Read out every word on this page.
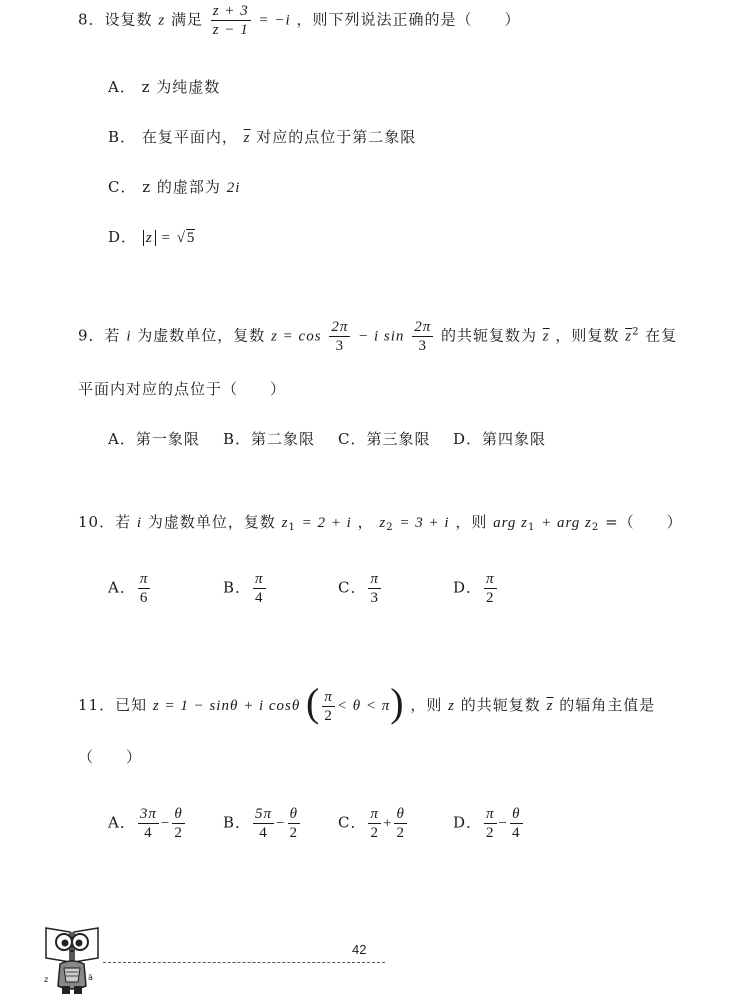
8．设复数 z 满足 $\frac{z + 3}{z - 1} = -i$ ，则下列说法正确的是（　　）
A． z 为纯虚数
B． 在复平面内， $\overline{z}$ 对应的点位于第二象限
C． z 的虚部为 2i
D． z = √5
9．若 i 为虚数单位，复数 $z = \cos \frac{2\pi}{3} - i$ $\sin \frac{2\pi}{3}$ 的共轭复数为 $\overline{z}$ ，则复数 $\overline{z}^2$ 在复
平面内对应的点位于（　　）
A．第一象限 B．第二象限 C．第三象限 D．第四象限
10．若 i 为虚数单位，复数 $z_1 = 2 + i$ ， $z_2 = 3 + i$ ，则 arg $z_1$ + arg $z_2$ =（　　）
A． $\frac{\pi}{6}$	B． $\frac{\pi}{4}$	C． $\frac{\pi}{3}$	D． $\frac{\pi}{2}$
11．已知 z = 1 − sinθ + i cosθ ( $\frac{\pi}{2} < \theta < \pi$) ，则 z 的共轭复数 $\overline{z}$ 的辐角主值是
（　　）
A． $\frac{3\pi}{4} - \frac{\theta}{2}$	B． $\frac{5\pi}{4} - \frac{\theta}{2}$	C． $\frac{\pi}{2} + \frac{\theta}{2}$	D． $\frac{\pi}{2} - \frac{\theta}{4}$
z	ä
42
